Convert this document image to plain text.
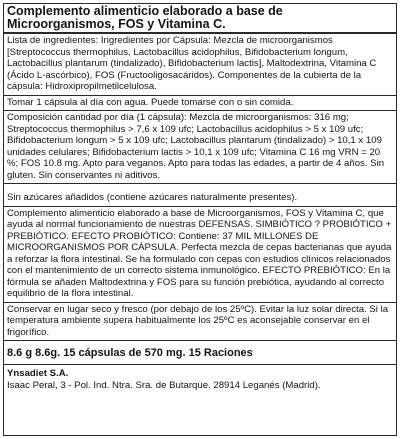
Complemento alimenticio elaborado a base de Microorganismos, FOS y Vitamina C.

Lista de ingredientes: Ingredientes por Cápsula: Mezcla de microorganismos [Streptococcus thermophilus, Lactobacillus acidophilus, Bifidobacterium longum, Lactobacillus plantarum (tindalizado), Bifidobacterium lactis], Maltodextrina, Vitamina C (Ácido L-ascórbico), FOS (Fructooligosacáridos). Componentes de la cubierta de la cápsula: Hidroxipropilmetilcelulosa.

Tomar 1 cápsula al día con agua. Puede tomarse con o sin comida.

Composición cantidad por día (1 cápsula): Mezcla de microorganismos: 316 mg; Streptococcus thermophilus > 7,6 x 109 ufc; Lactobacillus acidophilus > 5 x 109 ufc; Bifidobacterium longum > 5 x 109 ufc; Lactobacillus plantarum (tindalizado) > 10,1 x 109 unidades celulares; Bifidobacterium lactis > 10,1 x 109 ufc; Vitamina C 16 mg VRN = 20 %; FOS 10.8 mg. Apto para veganos. Apto para todas las edades, a partir de 4 años. Sin gluten. Sin conservantes ni aditivos.

Sin azúcares añadidos (contiene azúcares naturalmente presentes).

Complemento alimenticio elaborado a base de Microorganismos, FOS y Vitamina C, que ayuda al normal funcionamiento de nuestras DEFENSAS. SIMBIÓTICO ? PROBIÓTICO + PREBIÓTICO. EFECTO PROBIÓTICO: Contiene: 37 MIL MILLONES DE MICROORGANISMOS POR CÁPSULA. Perfecta mezcla de cepas bacterianas que ayuda a reforzar la flora intestinal. Se ha formulado con cepas con estudios clínicos relacionados con el mantenimiento de un correcto sistema inmunológico. EFECTO PREBIÓTICO: En la fórmula se añaden Maltodextrina y FOS para su función prebiótica, ayudando al correcto equilibrio de la flora intestinal.

Conservar en lugar seco y fresco (por debajo de los 25ºC). Evitar la luz solar directa. Si la temperatura ambiente supera habitualmente los 25ºC es aconsejable conservar en el frigorífico.

8.6 g 8.6g. 15 cápsulas de 570 mg. 15 Raciones

Ynsadiet S.A.

Isaac Peral, 3 - Pol. Ind. Ntra. Sra. de Butarque. 28914 Leganés (Madrid).
